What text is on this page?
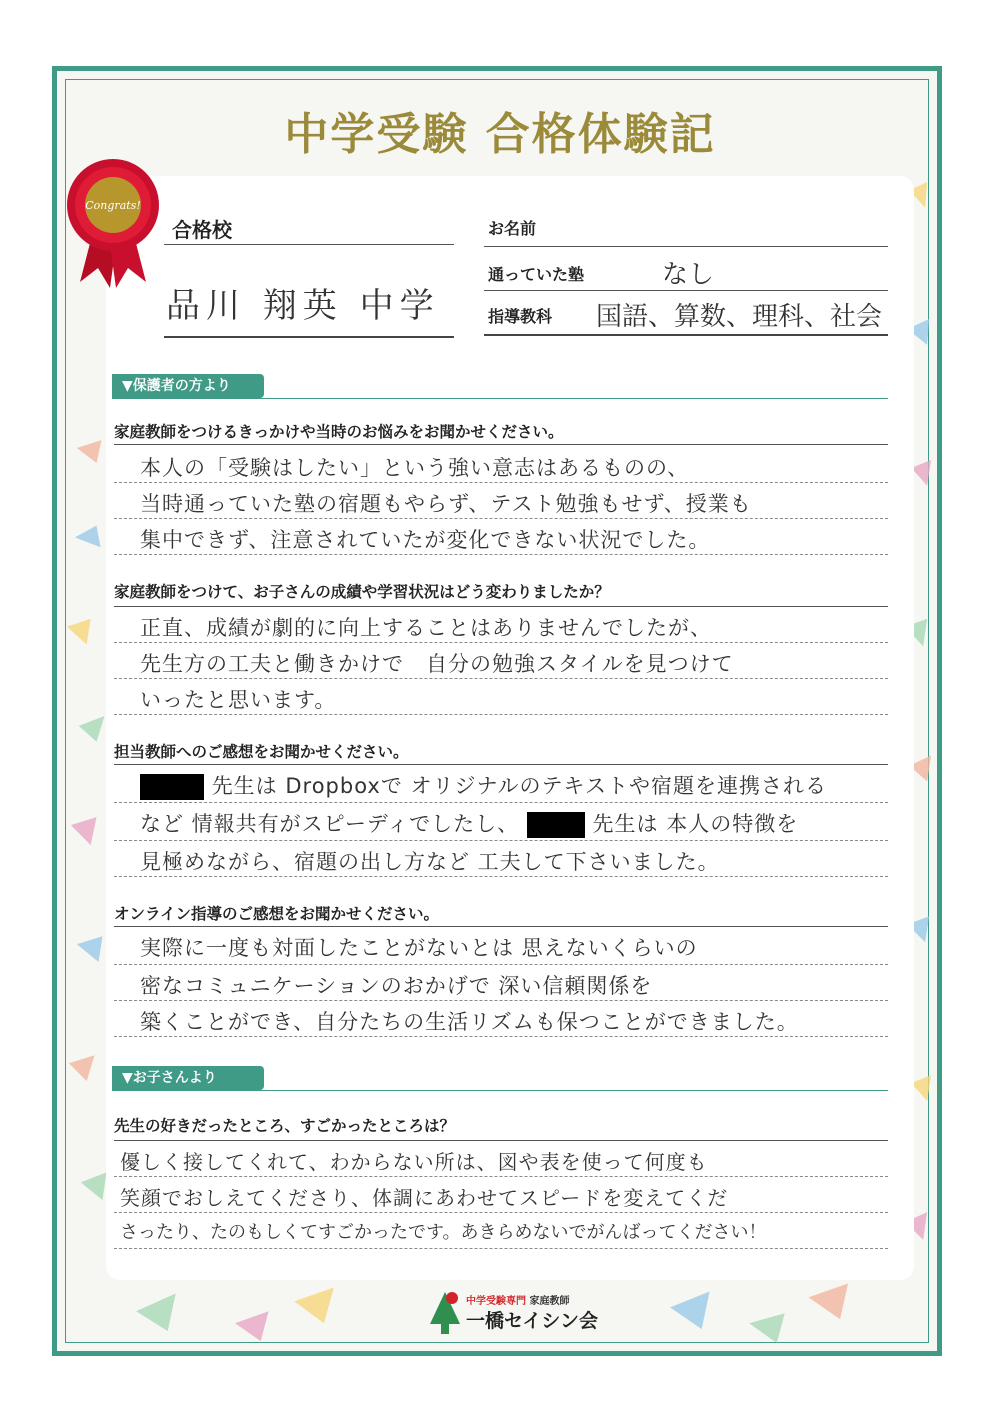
中学受験 合格体験記
Congrats!
合格校
品川 翔英 中学
お名前
通っていた塾	なし
指導教科 国語、算数、理科、社会
▼保護者の方より
家庭教師をつけるきっかけや当時のお悩みをお聞かせください。
本人の「受験はしたい」という強い意志はあるものの、
当時通っていた塾の宿題もやらず、テスト勉強もせず、授業も
集中できず、注意されていたが変化できない状況でした。
家庭教師をつけて、お子さんの成績や学習状況はどう変わりましたか？
正直、成績が劇的に向上することはありませんでしたが、
先生方の工夫と働きかけで　自分の勉強スタイルを見つけて
いったと思います。
担当教師へのご感想をお聞かせください。
先生は Dropboxで オリジナルのテキストや宿題を連携される
など 情報共有がスピーディでしたし、	先生は 本人の特徴を
見極めながら、宿題の出し方など 工夫して下さいました。
オンライン指導のご感想をお聞かせください。
実際に一度も対面したことがないとは 思えないくらいの
密なコミュニケーションのおかげで 深い信頼関係を
築くことができ、自分たちの生活リズムも保つことができました。
▼お子さんより
先生の好きだったところ、すごかったところは？
優しく接してくれて、わからない所は、図や表を使って何度も
笑顔でおしえてくださり、体調にあわせてスピードを変えてくだ
さったり、たのもしくてすごかったです。あきらめないでがんばってください！
中学受験専門 家庭教師
一橋セイシン会
